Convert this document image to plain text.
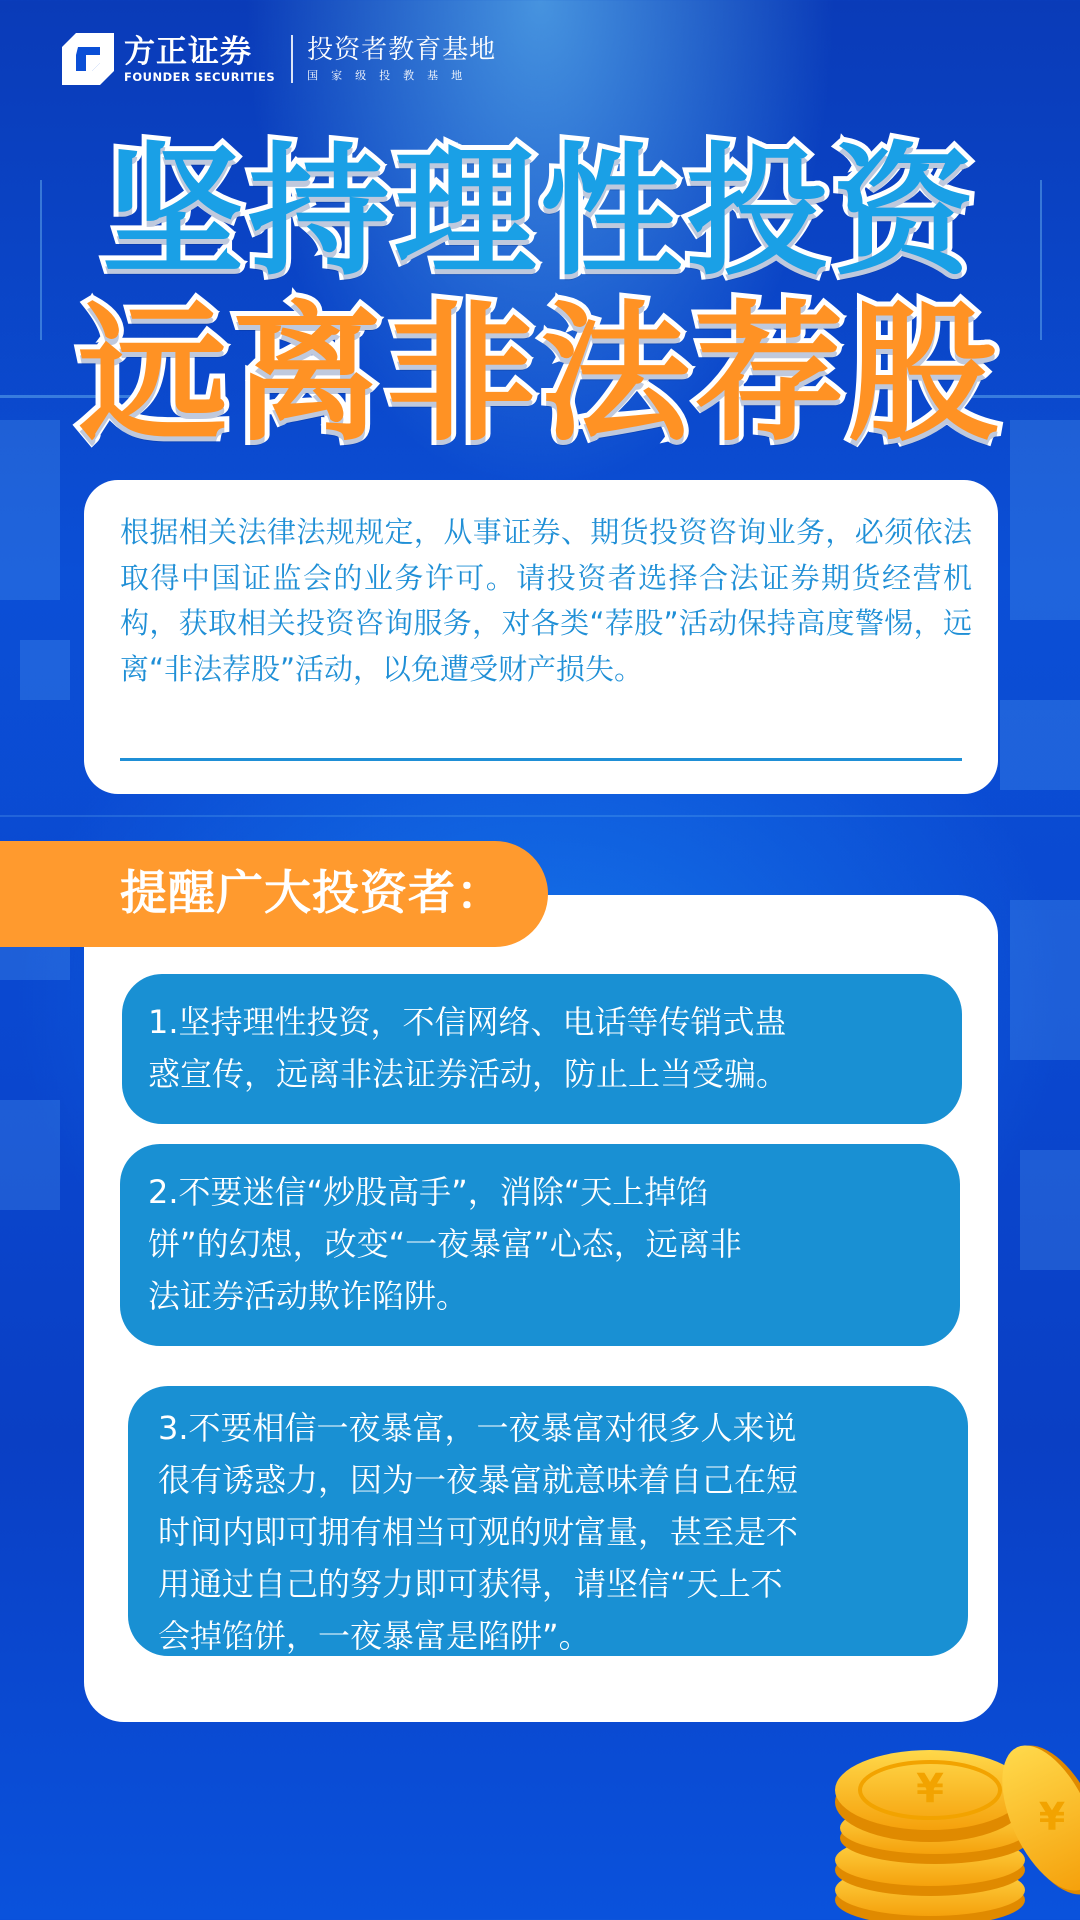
方正证券
FOUNDER SECURITIES
投资者教育基地
国家级投教基地
坚持理性投资
远离非法荐股
根据相关法律法规规定，从事证券、期货投资咨询业务，必须依法取得中国证监会的业务许可。请投资者选择合法证券期货经营机构，获取相关投资咨询服务，对各类“荐股”活动保持高度警惕，远离“非法荐股”活动，以免遭受财产损失。
提醒广大投资者：
1.坚持理性投资，不信网络、电话等传销式蛊
惑宣传，远离非法证券活动，防止上当受骗。
2.不要迷信“炒股高手”，消除“天上掉馅
饼”的幻想，改变“一夜暴富”心态，远离非
法证券活动欺诈陷阱。
3.不要相信一夜暴富，一夜暴富对很多人来说
很有诱惑力，因为一夜暴富就意味着自己在短
时间内即可拥有相当可观的财富量，甚至是不
用通过自己的努力即可获得，请坚信“天上不
会掉馅饼，一夜暴富是陷阱”。
¥
¥
